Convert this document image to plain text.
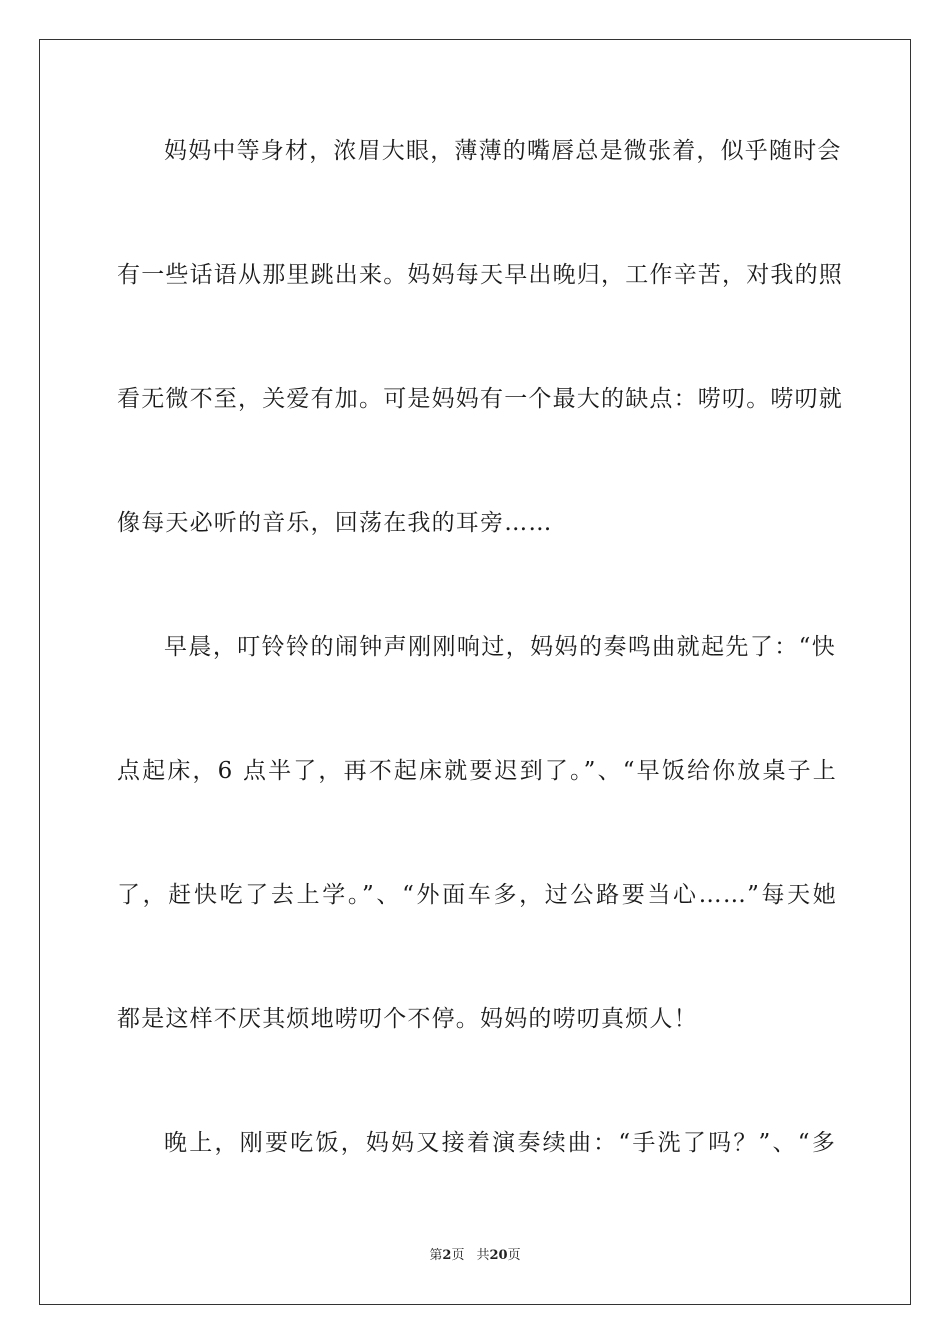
妈妈中等身材，浓眉大眼，薄薄的嘴唇总是微张着，似乎随时会
有一些话语从那里跳出来。妈妈每天早出晚归，工作辛苦，对我的照
看无微不至，关爱有加。可是妈妈有一个最大的缺点：唠叨。唠叨就
像每天必听的音乐，回荡在我的耳旁……
早晨，叮铃铃的闹钟声刚刚响过，妈妈的奏鸣曲就起先了：“快
点起床，6 点半了，再不起床就要迟到了。”、“早饭给你放桌子上
了，赶快吃了去上学。”、“外面车多，过公路要当心……”每天她
都是这样不厌其烦地唠叨个不停。妈妈的唠叨真烦人！
晚上，刚要吃饭，妈妈又接着演奏续曲：“手洗了吗？”、“多
第2页 共20页
